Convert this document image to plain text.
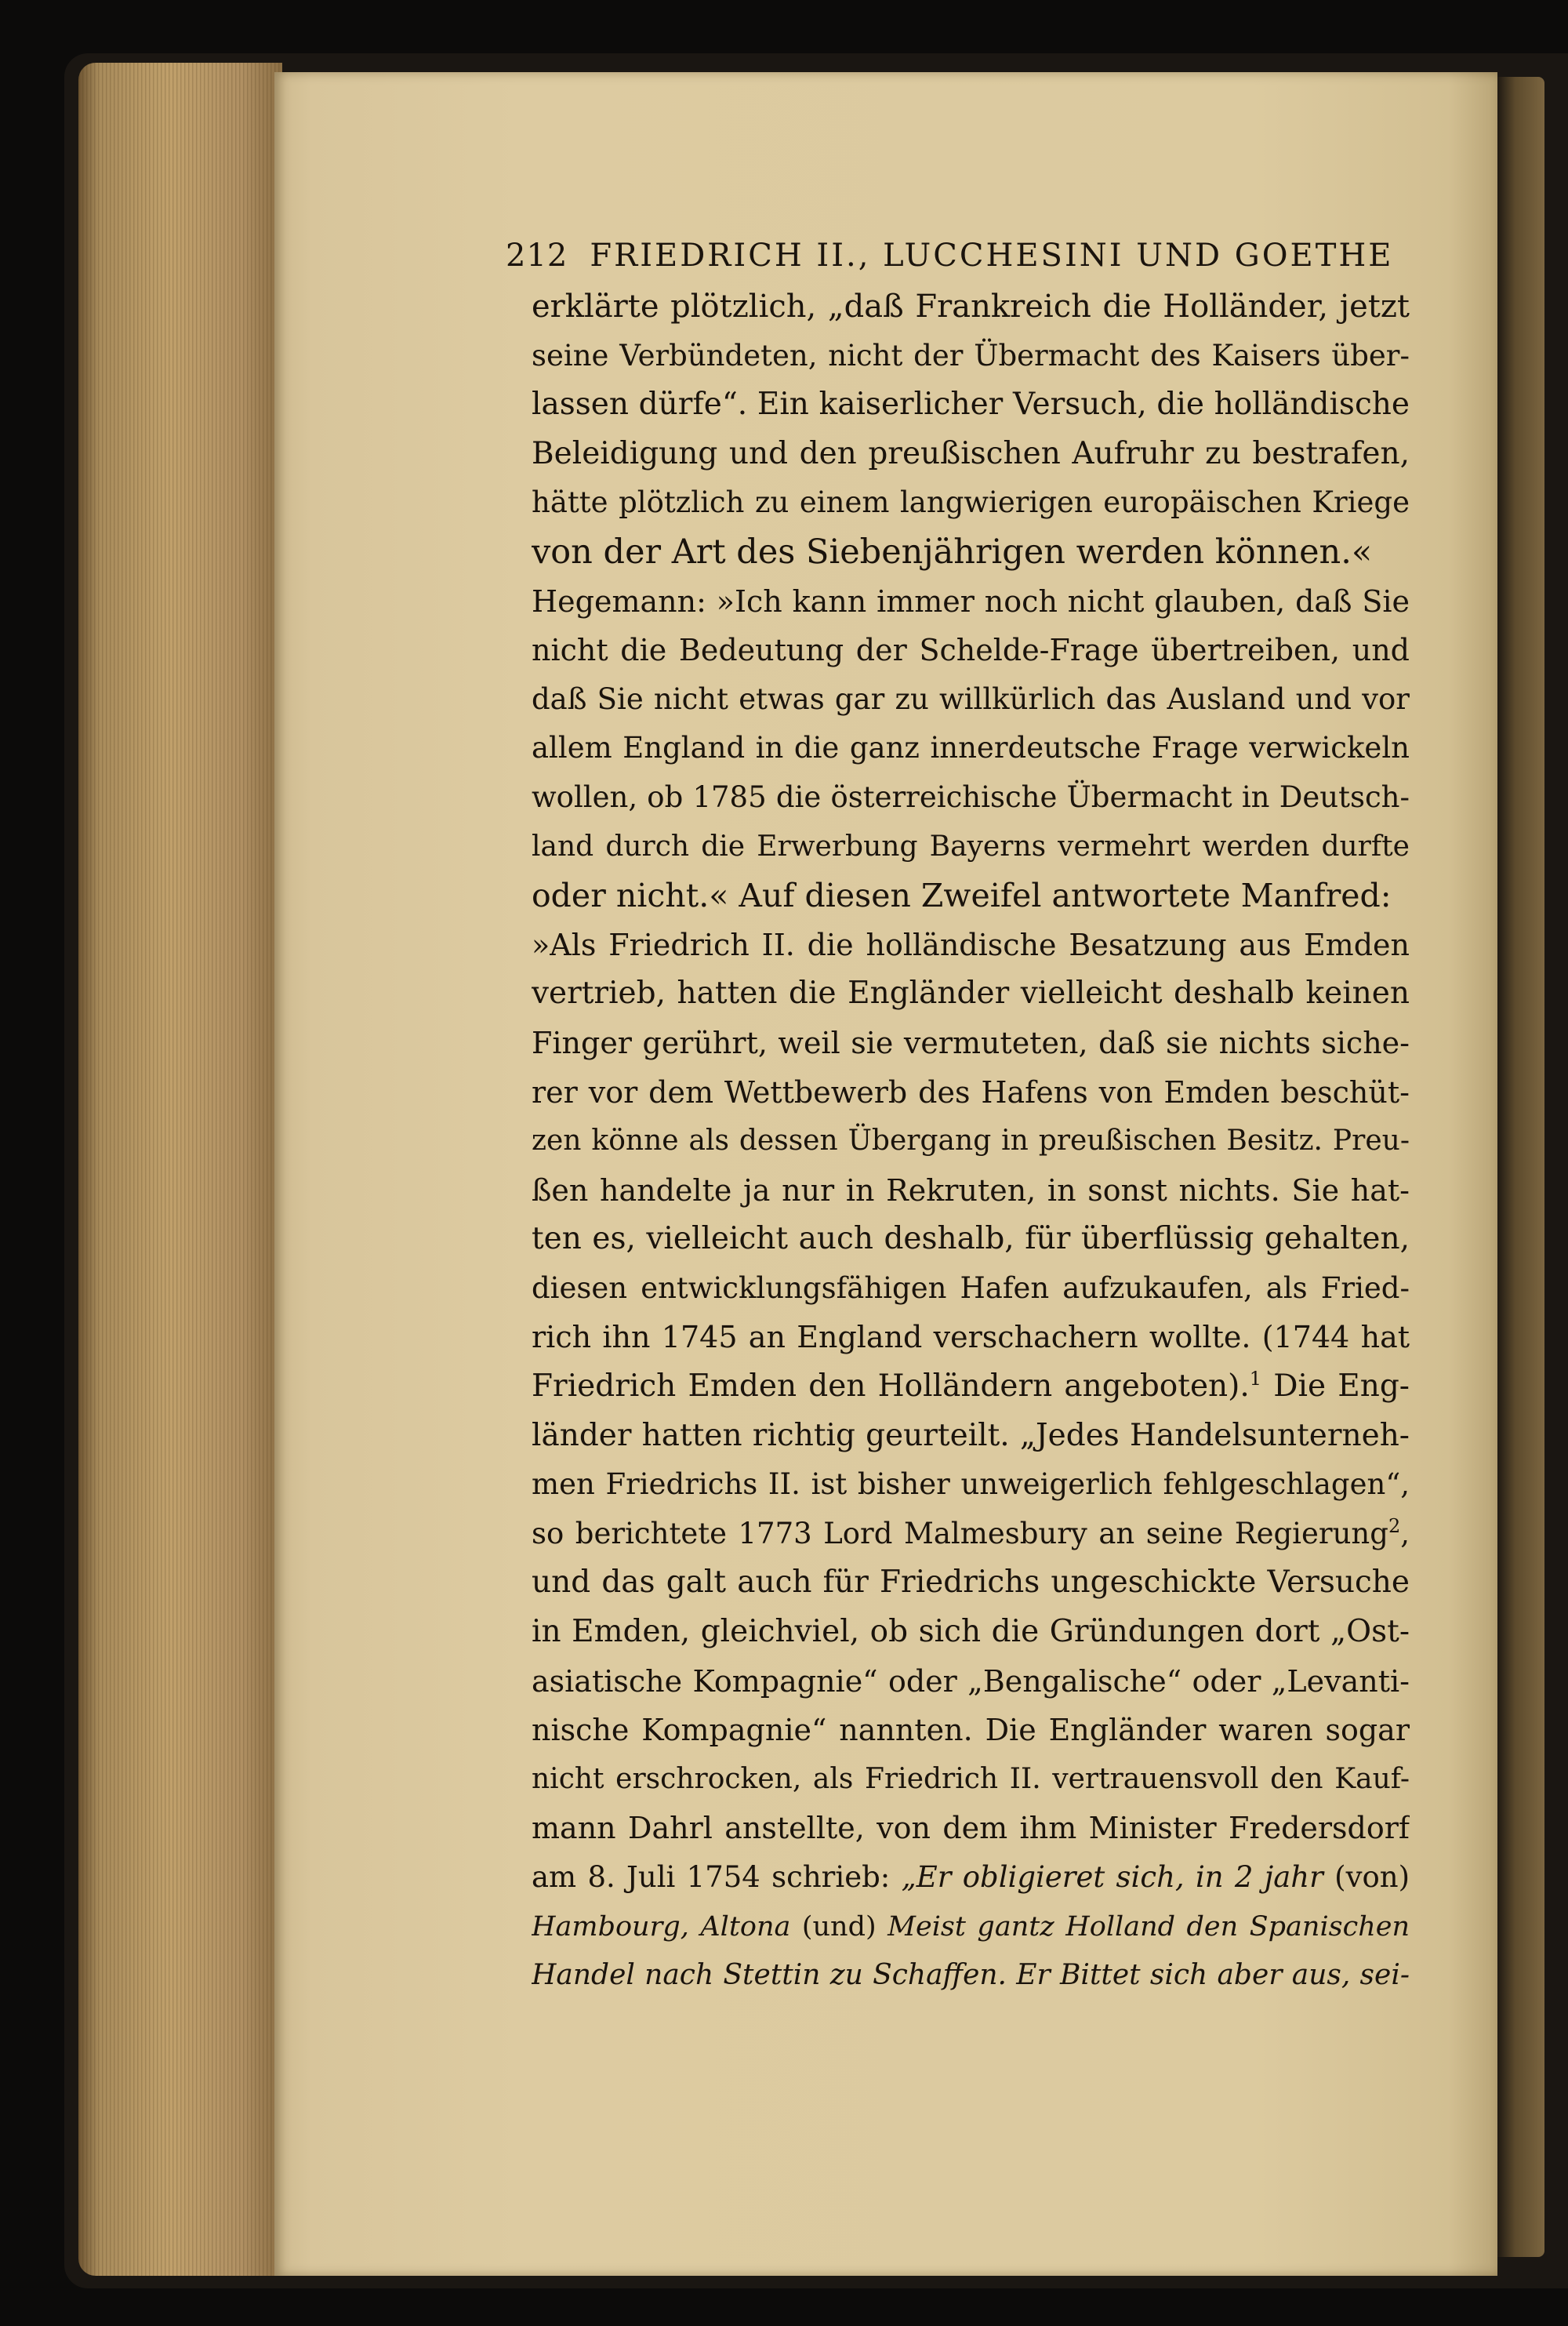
212 FRIEDRICH II., LUCCHESINI UND GOETHE
erklärte plötzlich, „daß Frankreich die Holländer, jetzt
seine Verbündeten, nicht der Übermacht des Kaisers über-
lassen dürfe“. Ein kaiserlicher Versuch, die holländische
Beleidigung und den preußischen Aufruhr zu bestrafen,
hätte plötzlich zu einem langwierigen europäischen Kriege
von der Art des Siebenjährigen werden können.«
Hegemann: »Ich kann immer noch nicht glauben, daß Sie
nicht die Bedeutung der Schelde-Frage übertreiben, und
daß Sie nicht etwas gar zu willkürlich das Ausland und vor
allem England in die ganz innerdeutsche Frage verwickeln
wollen, ob 1785 die österreichische Übermacht in Deutsch-
land durch die Erwerbung Bayerns vermehrt werden durfte
oder nicht.« Auf diesen Zweifel antwortete Manfred:
»Als Friedrich II. die holländische Besatzung aus Emden
vertrieb, hatten die Engländer vielleicht deshalb keinen
Finger gerührt, weil sie vermuteten, daß sie nichts siche-
rer vor dem Wettbewerb des Hafens von Emden beschüt-
zen könne als dessen Übergang in preußischen Besitz. Preu-
ßen handelte ja nur in Rekruten, in sonst nichts. Sie hat-
ten es, vielleicht auch deshalb, für überflüssig gehalten,
diesen entwicklungsfähigen Hafen aufzukaufen, als Fried-
rich ihn 1745 an England verschachern wollte. (1744 hat
Friedrich Emden den Holländern angeboten).$^1$ Die Eng-
länder hatten richtig geurteilt. „Jedes Handelsunterneh-
men Friedrichs II. ist bisher unweigerlich fehlgeschlagen“,
so berichtete 1773 Lord Malmesbury an seine Regierung$^2$,
und das galt auch für Friedrichs ungeschickte Versuche
in Emden, gleichviel, ob sich die Gründungen dort „Ost-
asiatische Kompagnie“ oder „Bengalische“ oder „Levanti-
nische Kompagnie“ nannten. Die Engländer waren sogar
nicht erschrocken, als Friedrich II. vertrauensvoll den Kauf-
mann Dahrl anstellte, von dem ihm Minister Fredersdorf
am 8. Juli 1754 schrieb: „Er obligieret sich, in 2 jahr (von)
Hambourg, Altona (und) Meist gantz Holland den Spanischen
Handel nach Stettin zu Schaffen. Er Bittet sich aber aus, sei-
